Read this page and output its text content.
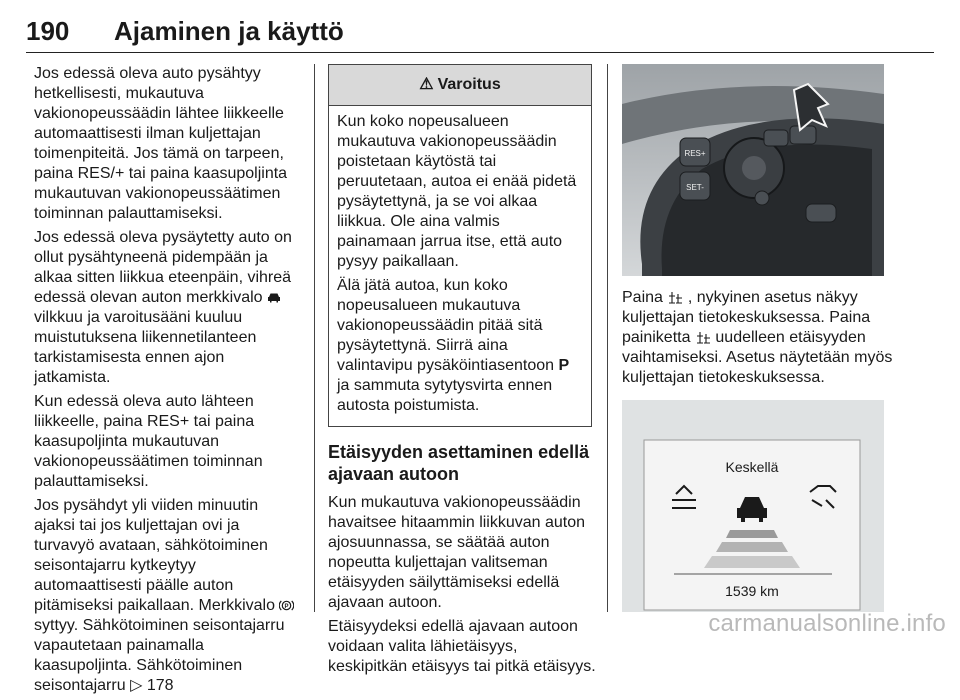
190 Ajaminen ja käyttö

Jos edessä oleva auto pysähtyy hetkellisesti, mukautuva vakionopeussäädin lähtee liikkeelle automaattisesti ilman kuljettajan toimenpiteitä. Jos tämä on tarpeen, paina RES/+ tai paina kaasupoljinta mukautuvan vakionopeussäätimen toiminnan palauttamiseksi.

Jos edessä oleva pysäytetty auto on ollut pysähtyneenä pidempään ja alkaa sitten liikkua eteenpäin, vihreä edessä olevan auton merkkivalo  vilkkuu ja varoitusääni kuuluu muistutuksena liikennetilanteen tarkistamisesta ennen ajon jatkamista.

Kun edessä oleva auto lähteen liikkeelle, paina RES+ tai paina kaasupoljinta mukautuvan vakionopeussäätimen toiminnan palauttamiseksi.

Jos pysähdyt yli viiden minuutin ajaksi tai jos kuljettajan ovi ja turvavyö avataan, sähkötoiminen seisontajarru kytkeytyy automaattisesti päälle auton pitämiseksi paikallaan. Merkkivalo P
syttyy. Sähkötoiminen seisontajarru vapautetaan painamalla kaasupoljinta. Sähkötoiminen seisontajarru ▷ 178

⚠ Varoitus

Kun koko nopeusalueen mukautuva vakionopeussäädin poistetaan käytöstä tai peruutetaan, autoa ei enää pidetä pysäytettynä, ja se voi alkaa liikkua. Ole aina valmis painamaan jarrua itse, että auto pysyy paikallaan.

Älä jätä autoa, kun koko nopeusalueen mukautuva vakionopeussäädin pitää sitä pysäytettynä. Siirrä aina valintavipu pysäköintiasentoon P ja sammuta sytytysvirta ennen autosta poistumista.

Etäisyyden asettaminen edellä ajavaan autoon

Kun mukautuva vakionopeussäädin havaitsee hitaammin liikkuvan auton ajosuunnassa, se säätää auton nopeutta kuljettajan valitseman etäisyyden säilyttämiseksi edellä ajavaan autoon.

Etäisyydeksi edellä ajavaan autoon voidaan valita lähietäisyys, keskipitkän etäisyys tai pitkä etäisyys.

RES+
SET-

Paina , nykyinen asetus näkyy kuljettajan tietokeskuksessa. Paina painiketta uudelleen etäisyyden vaihtamiseksi. Asetus näytetään myös kuljettajan tietokeskuksessa.

Keskellä
1539 km
carmanualsonline.info
